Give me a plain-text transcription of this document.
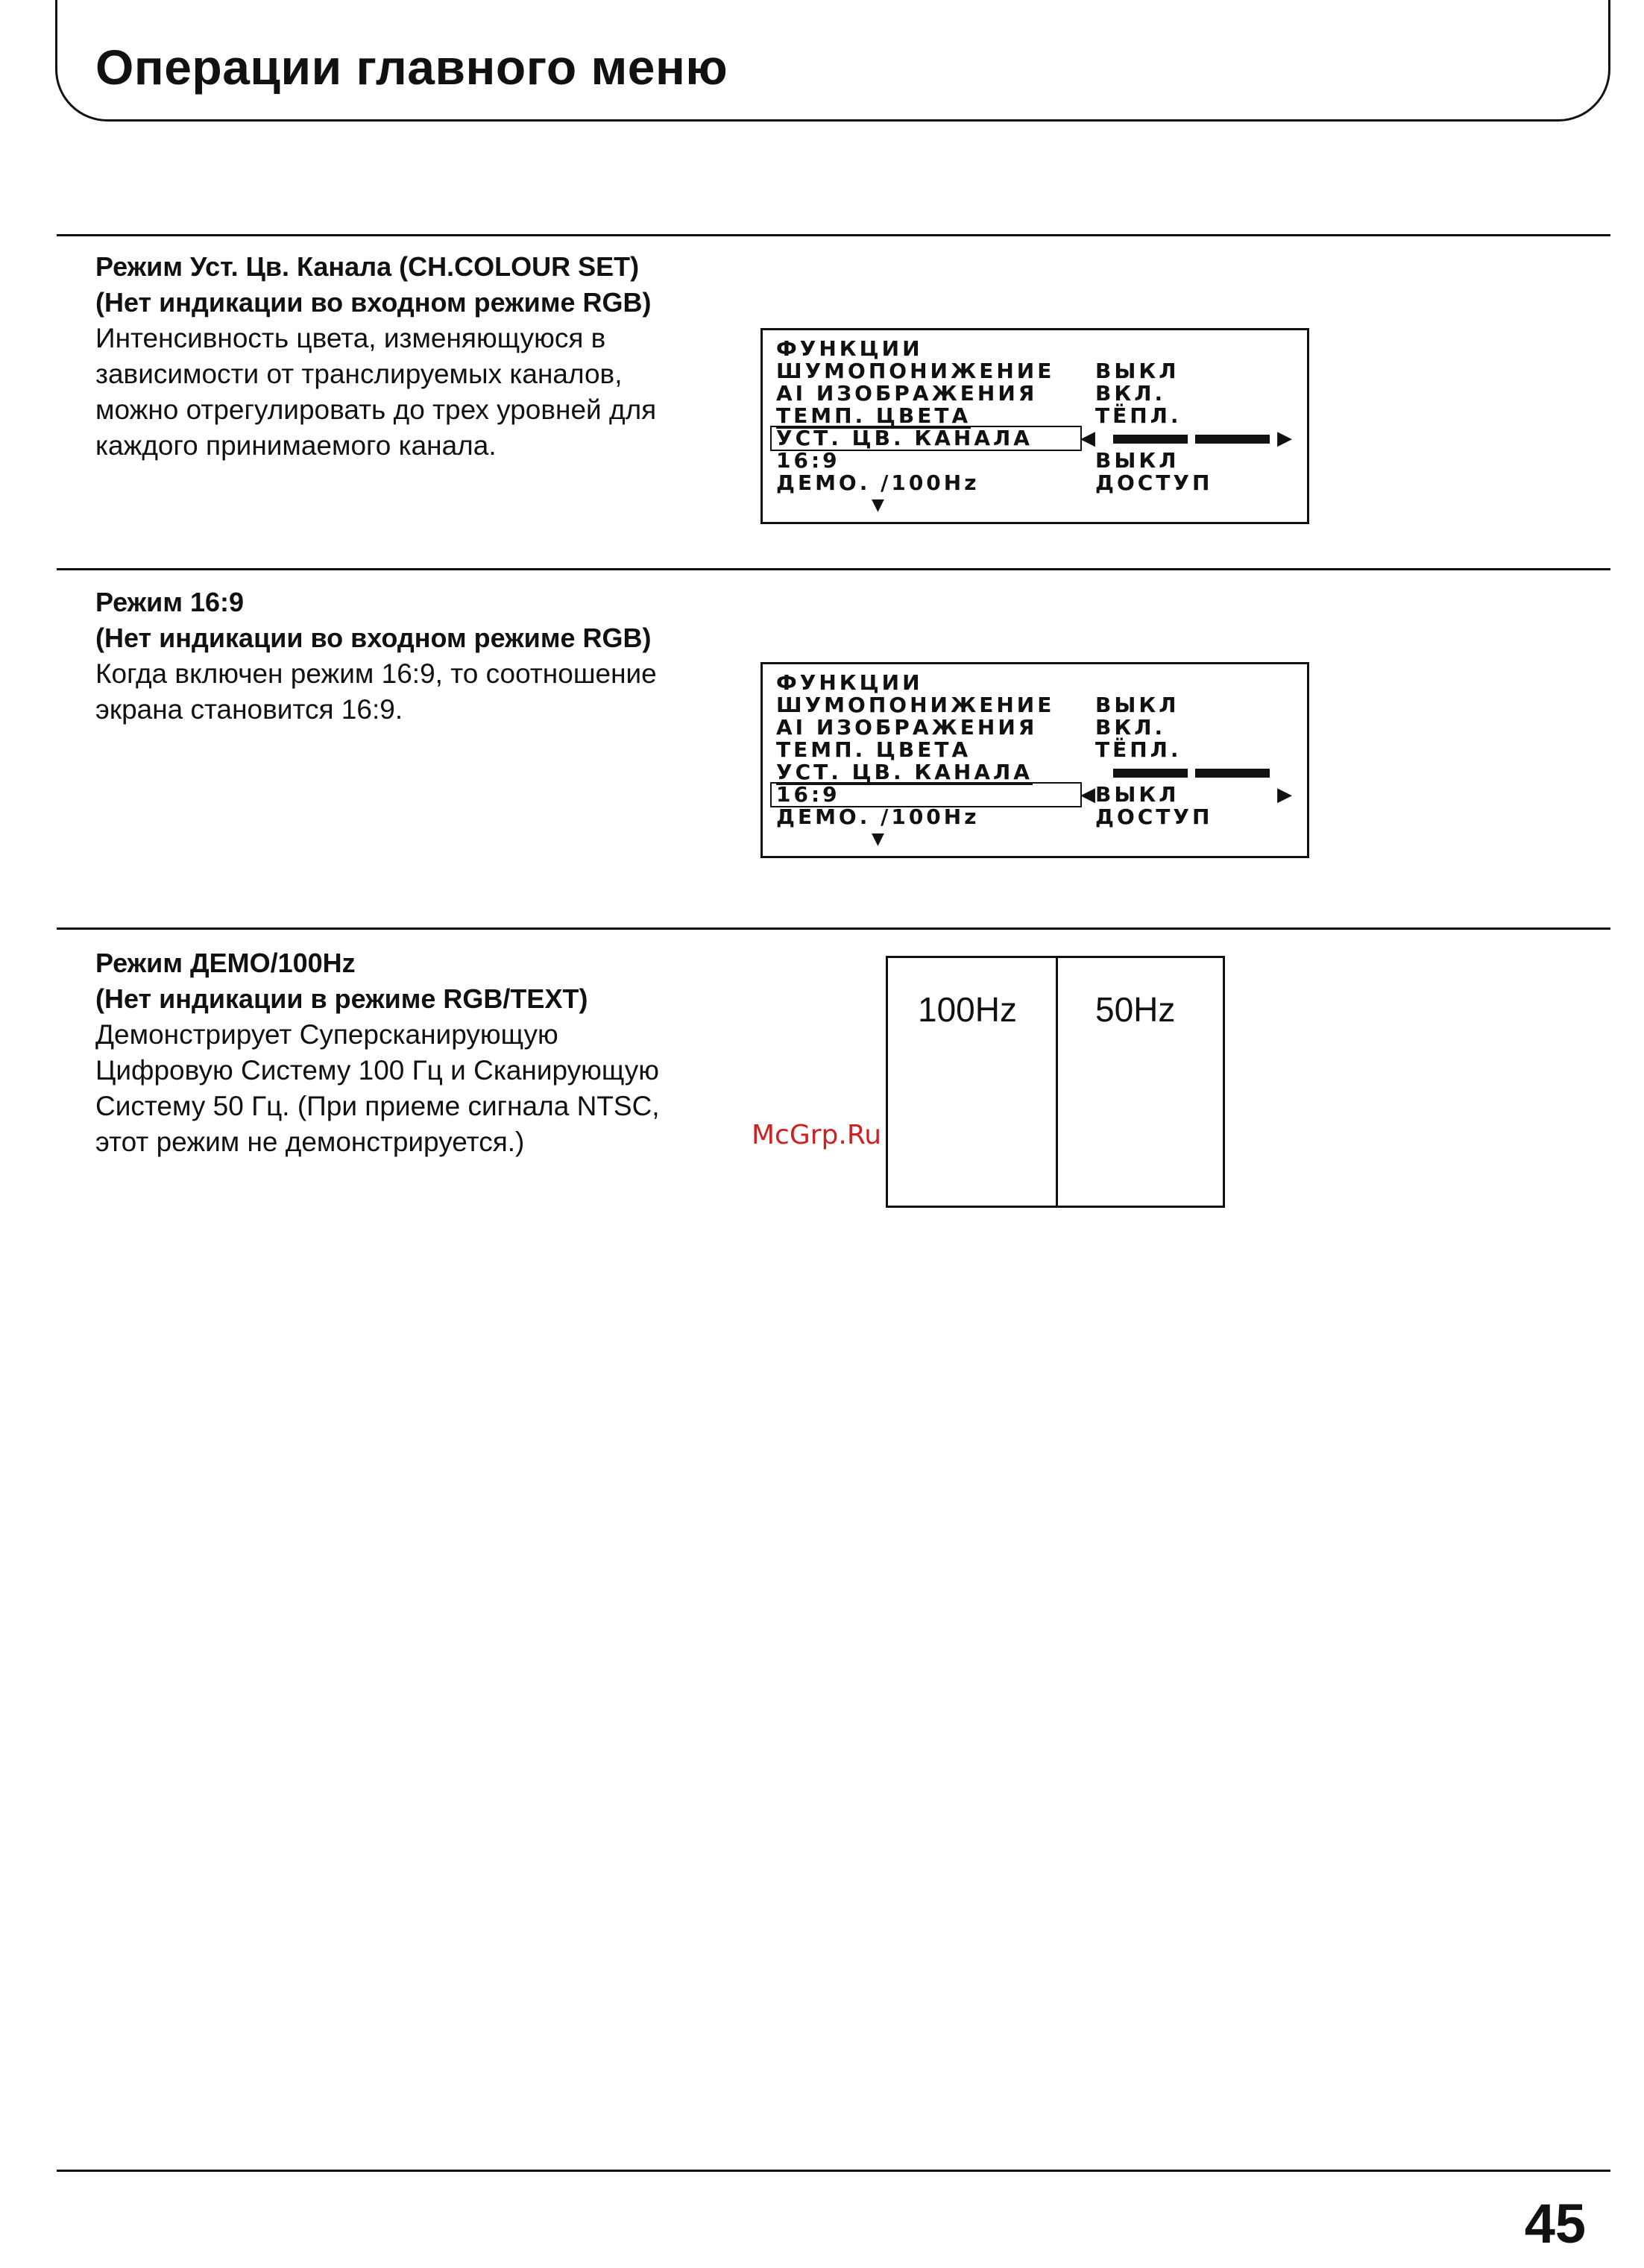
Операции главного меню
Режим Уст. Цв. Канала (CH.COLOUR SET)
(Нет индикации во входном режиме RGB)
Интенсивность цвета, изменяющуюся в
зависимости от транслируемых каналов,
можно отрегулировать до трех уровней для
каждого принимаемого канала.
ФУНКЦИИ
ШУМОПОНИЖЕНИЕ ВЫКЛ
AI ИЗОБРАЖЕНИЯ	ВКЛ.
ТЕМП. ЦВЕТА	ТЁПЛ.
УСТ. ЦВ. КАНАЛА ◀	▶
16:9	ВЫКЛ
ДЕМО. /100Hz	ДОСТУП
▼
Режим 16:9
(Нет индикации во входном режиме RGB)
Когда включен режим 16:9, то соотношение
экрана становится 16:9.
ФУНКЦИИ
ШУМОПОНИЖЕНИЕ ВЫКЛ
AI ИЗОБРАЖЕНИЯ	ВКЛ.
ТЕМП. ЦВЕТА	ТЁПЛ.
УСТ. ЦВ. КАНАЛА
16:9	◀ ВЫКЛ	▶
ДЕМО. /100Hz	ДОСТУП
▼
Режим ДЕМО/100Hz
(Нет индикации в режиме RGB/TEXT)
Демонстрирует Суперсканирующую
Цифровую Систему 100 Гц и Сканирующую
Систему 50 Гц. (При приеме сигнала NTSC,
этот режим не демонстрируется.)
100Hz 50Hz
McGrp.Ru
45
